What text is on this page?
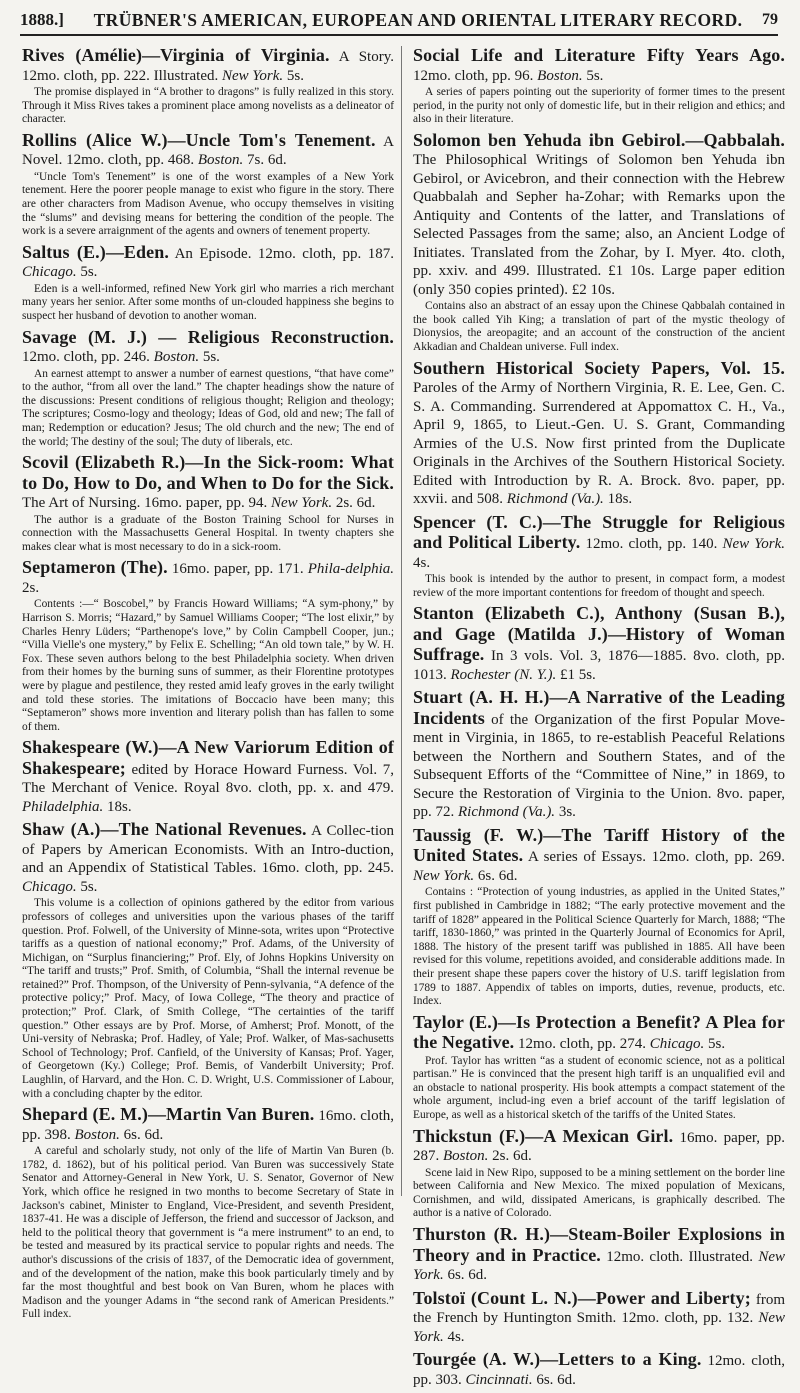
1888.]	TRÜBNER'S AMERICAN, EUROPEAN AND ORIENTAL LITERARY RECORD.	79
Rives (Amélie)—Virginia of Virginia. A Story. 12mo. cloth, pp. 222. Illustrated. New York. 5s.
The promise displayed in “A brother to dragons” is fully realized in this story. Through it Miss Rives takes a prominent place among novelists as a delineator of character.
Rollins (Alice W.)—Uncle Tom's Tenement. A Novel. 12mo. cloth, pp. 468. Boston. 7s. 6d.
“Uncle Tom's Tenement” is one of the worst examples of a New York tenement. Here the poorer people manage to exist who figure in the story. There are other characters from Madison Avenue, who occupy themselves in visiting the “slums” and devising means for bettering the condition of the people. The work is a severe arraignment of the agents and owners of tenement property.
Saltus (E.)—Eden. An Episode. 12mo. cloth, pp. 187. Chicago. 5s.
Eden is a well-informed, refined New York girl who marries a rich merchant many years her senior. After some months of un-clouded happiness she begins to suspect her husband of devotion to another woman.
Savage (M. J.) — Religious Reconstruction. 12mo. cloth, pp. 246. Boston. 5s.
An earnest attempt to answer a number of earnest questions, “that have come” to the author, “from all over the land.” The chapter headings show the nature of the discussions: Present conditions of religious thought; Religion and theology; The scriptures; Cosmo-logy and theology; Ideas of God, old and new; The fall of man; Redemption or education? Jesus; The old church and the new; The end of the world; The destiny of the soul; The duty of liberals, etc.
Scovil (Elizabeth R.)—In the Sick-room: What to Do, How to Do, and When to Do for the Sick. The Art of Nursing. 16mo. paper, pp. 94. New York. 2s. 6d.
The author is a graduate of the Boston Training School for Nurses in connection with the Massachusetts General Hospital. In twenty chapters she makes clear what is most necessary to do in a sick-room.
Septameron (The). 16mo. paper, pp. 171. Phila-delphia. 2s.
Contents :—“ Boscobel,” by Francis Howard Williams; “A sym-phony,” by Harrison S. Morris; “Hazard,” by Samuel Williams Cooper; “The lost elixir,” by Charles Henry Lüders; “Parthenope's love,” by Colin Campbell Cooper, jun.; “Villa Vielle's one mystery,” by Felix E. Schelling; “An old town tale,” by W. H. Fox. These seven authors belong to the best Philadelphia society. When driven from their homes by the burning suns of summer, as their Florentine prototypes were by plague and pestilence, they rested amid leafy groves in the early twilight and told these stories. The imitations of Boccacio have been many; this “Septameron” shows more invention and literary polish than has fallen to some of them.
Shakespeare (W.)—A New Variorum Edition of Shakespeare; edited by Horace Howard Furness. Vol. 7, The Merchant of Venice. Royal 8vo. cloth, pp. x. and 479. Philadelphia. 18s.
Shaw (A.)—The National Revenues. A Collec-tion of Papers by American Economists. With an Intro-duction, and an Appendix of Statistical Tables. 16mo. cloth, pp. 245. Chicago. 5s.
This volume is a collection of opinions gathered by the editor from various professors of colleges and universities upon the various phases of the tariff question. Prof. Folwell, of the University of Minne-sota, writes upon “Protective tariffs as a question of national economy;” Prof. Adams, of the University of Michigan, on “Surplus financiering;” Prof. Ely, of Johns Hopkins University on “The tariff and trusts;” Prof. Smith, of Columbia, “Shall the internal revenue be retained?” Prof. Thompson, of the University of Penn-sylvania, “A defence of the protective policy;” Prof. Macy, of Iowa College, “The theory and practice of protection;” Prof. Clark, of Smith College, “The certainties of the tariff question.” Other essays are by Prof. Morse, of Amherst; Prof. Monott, of the Uni-versity of Nebraska; Prof. Hadley, of Yale; Prof. Walker, of Mas-sachusetts School of Technology; Prof. Canfield, of the University of Kansas; Prof. Yager, of Georgetown (Ky.) College; Prof. Bemis, of Vanderbilt University; Prof. Laughlin, of Harvard, and the Hon. C. D. Wright, U.S. Commissioner of Labour, with a concluding chapter by the editor.
Shepard (E. M.)—Martin Van Buren. 16mo. cloth, pp. 398. Boston. 6s. 6d.
A careful and scholarly study, not only of the life of Martin Van Buren (b. 1782, d. 1862), but of his political period. Van Buren was successively State Senator and Attorney-General in New York, U. S. Senator, Governor of New York, which office he resigned in two months to become Secretary of State in Jackson's cabinet, Minister to England, Vice-President, and seventh President, 1837-41. He was a disciple of Jefferson, the friend and successor of Jackson, and held to the political theory that government is “a mere instrument” to an end, to be tested and measured by its practical service to popular rights and needs. The author's discussions of the crisis of 1837, of the Democratic idea of government, and of the development of the nation, make this book particularly timely and by far the most thoughtful and best book on Van Buren, whom he places with Madison and the younger Adams in “the second rank of American Presidents.” Full index.
Social Life and Literature Fifty Years Ago. 12mo. cloth, pp. 96. Boston. 5s.
A series of papers pointing out the superiority of former times to the present period, in the purity not only of domestic life, but in their religion and ethics; and also in their literature.
Solomon ben Yehuda ibn Gebirol.—Qabbalah. The Philosophical Writings of Solomon ben Yehuda ibn Gebirol, or Avicebron, and their connection with the Hebrew Quabbalah and Sepher ha-Zohar; with Remarks upon the Antiquity and Contents of the latter, and Translations of Selected Passages from the same; also, an Ancient Lodge of Initiates. Translated from the Zohar, by I. Myer. 4to. cloth, pp. xxiv. and 499. Illustrated. £1 10s. Large paper edition (only 350 copies printed). £2 10s.
Contains also an abstract of an essay upon the Chinese Qabbalah contained in the book called Yih King; a translation of part of the mystic theology of Dionysios, the areopagite; and an account of the construction of the ancient Akkadian and Chaldean universe. Full index.
Southern Historical Society Papers, Vol. 15. Paroles of the Army of Northern Virginia, R. E. Lee, Gen. C. S. A. Commanding. Surrendered at Appomattox C. H., Va., April 9, 1865, to Lieut.-Gen. U. S. Grant, Commanding Armies of the U.S. Now first printed from the Duplicate Originals in the Archives of the Southern Historical Society. Edited with Introduction by R. A. Brock. 8vo. paper, pp. xxvii. and 508. Richmond (Va.). 18s.
Spencer (T. C.)—The Struggle for Religious and Political Liberty. 12mo. cloth, pp. 140. New York. 4s.
This book is intended by the author to present, in compact form, a modest review of the more important contentions for freedom of thought and speech.
Stanton (Elizabeth C.), Anthony (Susan B.), and Gage (Matilda J.)—History of Woman Suffrage. In 3 vols. Vol. 3, 1876—1885. 8vo. cloth, pp. 1013. Rochester (N. Y.). £1 5s.
Stuart (A. H. H.)—A Narrative of the Leading Incidents of the Organization of the first Popular Move-ment in Virginia, in 1865, to re-establish Peaceful Relations between the Northern and Southern States, and of the Subsequent Efforts of the “Committee of Nine,” in 1869, to Secure the Restoration of Virginia to the Union. 8vo. paper, pp. 72. Richmond (Va.). 3s.
Taussig (F. W.)—The Tariff History of the United States. A series of Essays. 12mo. cloth, pp. 269. New York. 6s. 6d.
Contains : “Protection of young industries, as applied in the United States,” first published in Cambridge in 1882; “The early protective movement and the tariff of 1828” appeared in the Political Science Quarterly for March, 1888; “The tariff, 1830-1860,” was printed in the Quarterly Journal of Economics for April, 1888. The history of the present tariff was published in 1885. All have been revised for this volume, repetitions avoided, and considerable additions made. In their present shape these papers cover the history of U.S. tariff legislation from 1789 to 1887. Appendix of tables on imports, duties, revenue, products, etc. Index.
Taylor (E.)—Is Protection a Benefit? A Plea for the Negative. 12mo. cloth, pp. 274. Chicago. 5s.
Prof. Taylor has written “as a student of economic science, not as a political partisan.” He is convinced that the present high tariff is an unqualified evil and an obstacle to national prosperity. His book attempts a compact statement of the whole argument, includ-ing even a brief account of the tariff legislation of Europe, as well as a historical sketch of the tariffs of the United States.
Thickstun (F.)—A Mexican Girl. 16mo. paper, pp. 287. Boston. 2s. 6d.
Scene laid in New Ripo, supposed to be a mining settlement on the border line between California and New Mexico. The mixed population of Mexicans, Cornishmen, and wild, dissipated Americans, is graphically described. The author is a native of Colorado.
Thurston (R. H.)—Steam-Boiler Explosions in Theory and in Practice. 12mo. cloth. Illustrated. New York. 6s. 6d.
Tolstoï (Count L. N.)—Power and Liberty; from the French by Huntington Smith. 12mo. cloth, pp. 132. New York. 4s.
Tourgée (A. W.)—Letters to a King. 12mo. cloth, pp. 303. Cincinnati. 6s. 6d.
